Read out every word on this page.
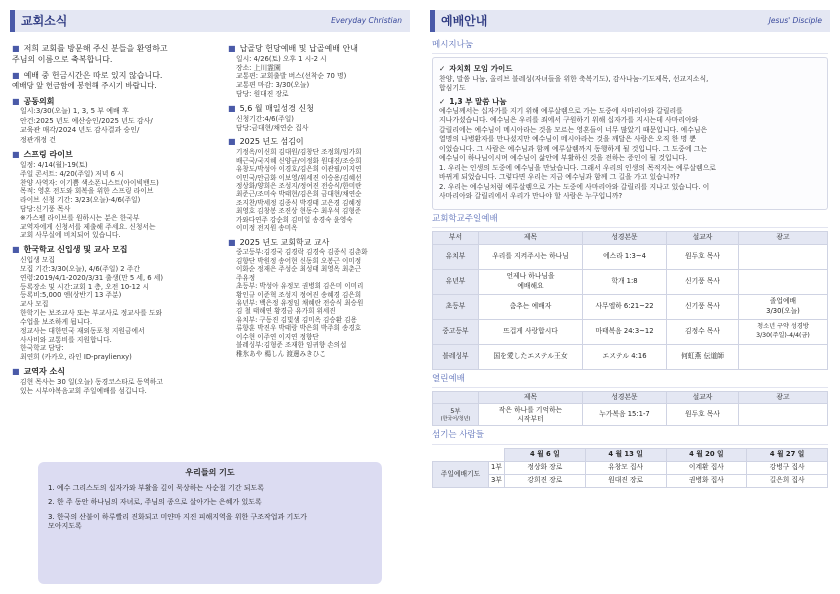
교회소식	Everyday Christian
■ 저희 교회를 방문해 주신 분들을 환영하고
주님의 이름으로 축복합니다.
■ 예배 중 헌금시간은 따로 있지 않습니다.
예배당 앞 헌금함에 봉헌해 주시기 바랍니다.
■ 공동의회
일시:3/30(오늘) 1, 3, 5 부 예배 후
안건:2025 년도 예산승인/2025 년도 감사/
교육관 매각/2024 년도 감사결과 승인/
정관개정 건
■ 스프링 라이브
일정: 4/14(월)-19(토)
주일 콘서트: 4/20(주일) 저녁 6 시
찬양 사역자: 이기쁨 색소폰니스트(아이빅밴드)
목적: 영혼 전도와 회복을 위한 스프링 라이브
라이브 신청 기간: 3/23(오늘)-4/6(주일)
담당:신기풍 목사
※가스펠 라이브를 원하시는 분은 한국부
교역자에게 신청서를 제출해 주세요. 신청서는
교회 사무실에 비치되어 있습니다.
■ 한국학교 신입생 및 교사 모집
신입생 모집
모집 기간:3/30(오늘), 4/6(주일) 2 주간
연령:2019/4/1-2020/3/31 출생(만 5 세, 6 세)
등록장소 및 시간:교회 1 층, 오전 10-12 시
등록비:5,000 엔(상반기 13 주분)
교사 모집
한학기는 보조교사 또는 부교사로 정교사를 도와
수업을 보조하게 됩니다.
정교사는 대한민국 재외동포청 지원금에서
사사비와 교통비를 지원합니다.
한국학교 담당:
최연희 (카카오, 라인 ID-praylienxy)
■ 교역자 소식
김현 목사는 30 일(오늘) 동경코스타로 동역하고
있는 시부야복음교회 주일예배를 섬깁니다.
■ 납골당 헌당예배 및 납골예배 안내
일시: 4/26(토) 오후 1 시-2 시
장소: 上川霊園
교통편: 교회출발 버스(선착순 70 명)
교통편 마감: 3/30(오늘)
담당: 원대진 장로
■ 5,6 월 매일성경 신청
신청기간:4/6(주일)
담당:금대현/채연순 집사
■ 2025 년도 섬김이
기정옥/이신희 김대원/김창단 조정희/임가희
배근국/국지혜 신양균/이정화 원대진/조승희
유창도/박성아 이경호/김은희 이관필/이지연
이민국/안금화 이보영/위세진 이승용/김혜선
정상화/양희은 조성지/정여진 전승식/한미란
최준근/조미숙 박태현/김은희 금대현/채연순
조지찬/박세정 김종식 박경태 고은경 김혜정
최영호 김창봉 조진상 현동수 최우석 김형준
가와다연주 강순희 김미일 송경숙 윤영숙
이미정 전지원 송미옥
■ 2025 년도 교회학교 교사
중고등부:김경국 김경락 김경숙 김종식 김춘화
김향단 박원정 송어현 신동희 오봉근 이미정
이화순 정재은 주성순 최성태 최영옥 최춘근
주유정
초등부: 박성아 유정모 권병회 김은미 이미리
황인규 이준혁 조성지 정여진 송혜경 김은희
유년부: 백은정 유정임 채혜란 전승식 최승원
김 철 태해연 황경금 유가희 위세진
유치부: 구동진 김빛샘 김미옥 김승환 김용
류향훈 박진우 박태랑 박은희 박주희 송경호
이수현 이주연 이지연 정향단
블레싱부:김형준 조재한 임귀향 손의섭
稚氷あや 楊しん 渡邊みきひこ
우리들의 기도
1. 예수 그리스도의 십자가와 부활을 깊이 묵상하는 사순절 기간 되도록
2. 한 주 동안 하나님의 자녀로, 주님의 종으로 살아가는 은혜가 있도록
3. 한국의 산불이 하루빨리 진화되고 미얀마 지진 피해지역을 위한 구조작업과 기도가
모아지도록
예배안내	Jesus' Disciple
메시지나눔
✓ 자치회 모임 가이드
찬양, 말씀 나눔, 올리브 블레싱(자녀들을 위한 축복기도), 감사나눔-기도제목, 선교지소식,
합심기도
✓ 1,3 부 말씀 나눔
예수님께서는 십자가를 지기 위해 예루살렘으로 가는 도중에 사마리아와 갈릴리를
지나가셨습니다. 예수님은 우리를 죄에서 구원하기 위해 십자가를 지시는데 사마리아와
갈릴리에는 예수님이 메시아라는 것을 모르는 영혼들이 너무 많았기 때문입니다. 예수님은
열명의 나병환자를 만나셨지만 예수님이 메시아라는 것을 깨달은 사람은 오직 한 명 뿐
이었습니다. 그 사람은 예수님과 함께 예루살렘까지 동행하게 될 것입니다. 그 도중에 그는
예수님이 하나님이시며 예수님이 삶안에 부활하신 것을 전하는 증인이 될 것입니다.
1. 우리는 인생의 도중에 예수님을 만났습니다. 그래서 우리의 인생의 목적지는 예루살렘으로
바뀌게 되었습니다. 그렇다면 우리는 지금 예수님과 함께 그 길을 가고 있습니까?
2. 우리는 예수님처럼 예루살렘으로 가는 도중에 사마리아와 갈릴리를 지나고 있습니다. 이
사마리아와 갈릴리에서 우리가 만나야 할 사람은 누구입니까?
교회학교주일예배
부서	제목	성경본문	설교자	광고
유치부	우리를 지켜주시는 하나님	에스라 1:3~4	원두호 목사	
유년부	언제나 하나님을
예배해요	학개 1:8	신기풍 목사	
초등부	춤추는 예배자	사무엘하 6:21~22	신기풍 목사	졸업예배
3/30(오늘)
중고등부	뜨겁게 사랑합시다	마태복음 24:3~12	김정수 목사	청소년 구약 성경방
3/30(주일)-4/4(금)
블레싱부	国を愛したエステル王女	エステル 4:16	何虹燕 伝道師	
열린예배
	제목	성경본문	설교자	광고
5부
(한국어/청년)	작은 하나를 기억하는
시작부터	누가복음 15:1-7	원두호 목사	
섬기는 사람들
		4 월 6 일	4 월 13 일	4 월 20 일	4 월 27 일
주일예배기도	1부	정상화 장로	유창모 집사	이계환 집사	강병구 집사
	3부	강희진 장로	원대진 장로	권병화 집사	길은희 집사
